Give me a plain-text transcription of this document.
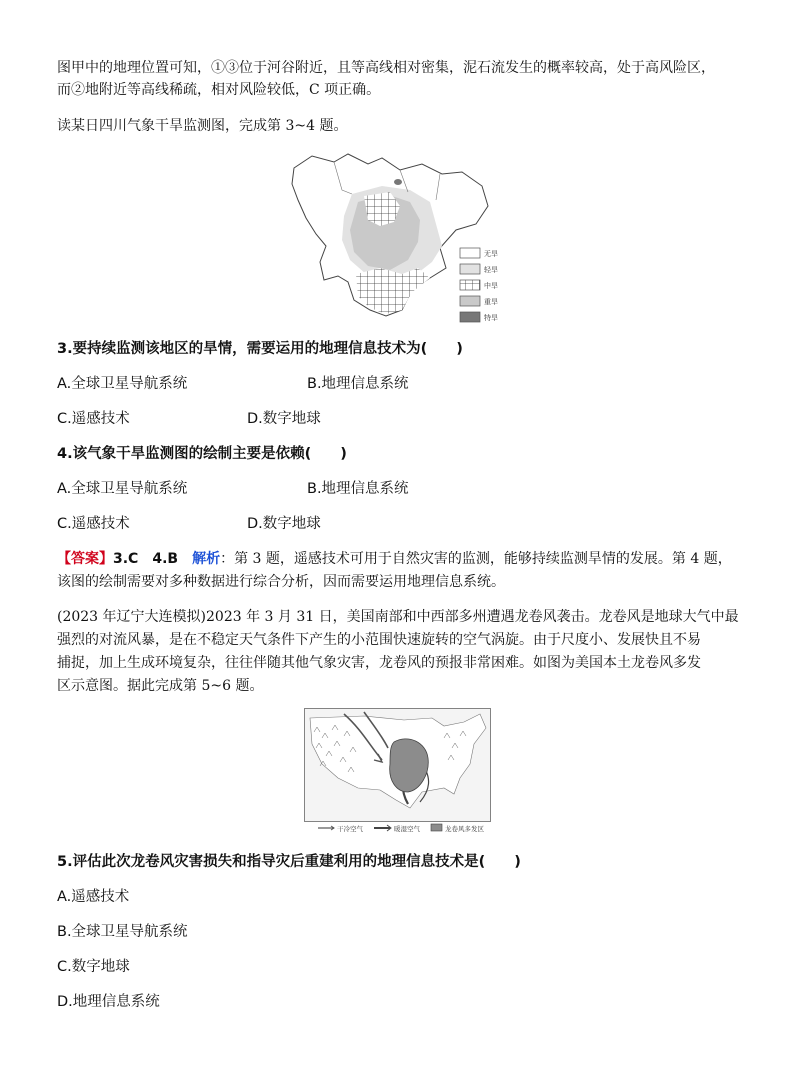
图甲中的地理位置可知，①③位于河谷附近，且等高线相对密集，泥石流发生的概率较高，处于高风险区，

而②地附近等高线稀疏，相对风险较低，C 项正确。

读某日四川气象干旱监测图，完成第 3~4 题。

无旱
轻旱
中旱
重旱
特旱

3.要持续监测该地区的旱情，需要运用的地理信息技术为(　　)

A.全球卫星导航系统	B.地理信息系统

C.遥感技术	D.数字地球

4.该气象干旱监测图的绘制主要是依赖(　　)

A.全球卫星导航系统	B.地理信息系统

C.遥感技术	D.数字地球

【答案】3.C　4.B　 解析：第 3 题，遥感技术可用于自然灾害的监测，能够持续监测旱情的发展。第 4 题，

该图的绘制需要对多种数据进行综合分析，因而需要运用地理信息系统。

(2023 年辽宁大连模拟)2023 年 3 月 31 日，美国南部和中西部多州遭遇龙卷风袭击。龙卷风是地球大气中最

强烈的对流风暴，是在不稳定天气条件下产生的小范围快速旋转的空气涡旋。由于尺度小、发展快且不易

捕捉，加上生成环境复杂，往往伴随其他气象灾害，龙卷风的预报非常困难。如图为美国本土龙卷风多发

区示意图。据此完成第 5~6 题。

干冷空气	暖湿空气	龙卷风多发区

5.评估此次龙卷风灾害损失和指导灾后重建利用的地理信息技术是(　　)

A.遥感技术

B.全球卫星导航系统

C.数字地球

D.地理信息系统
